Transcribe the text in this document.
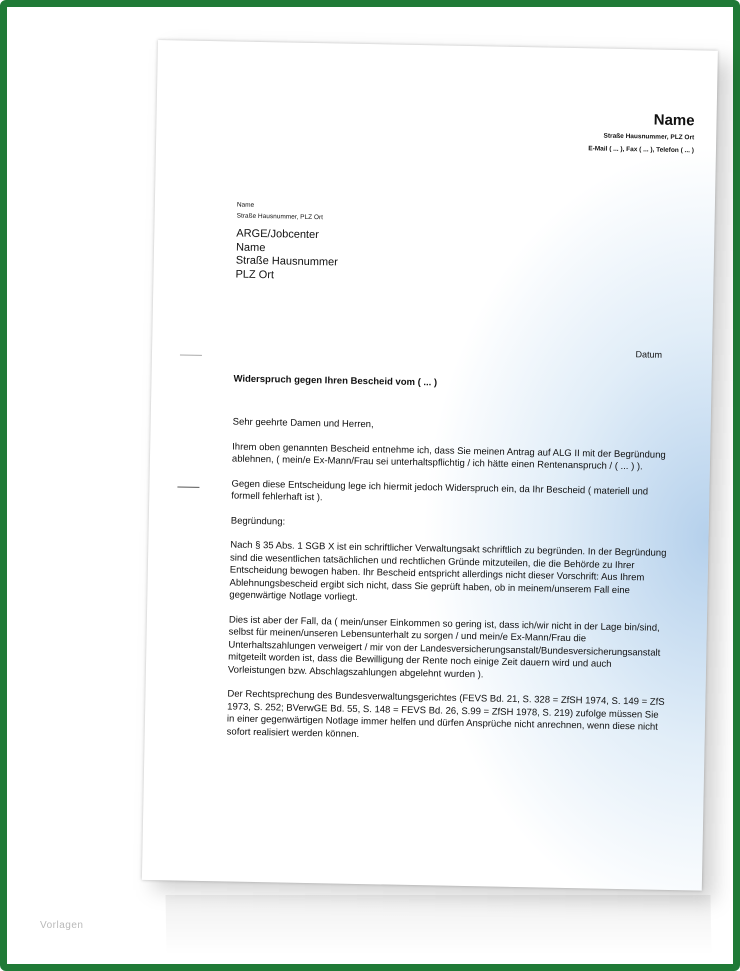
Name
Straße Hausnummer, PLZ Ort
E-Mail ( ... ), Fax ( ... ), Telefon ( ... )
Name
Straße Hausnummer, PLZ Ort
ARGE/Jobcenter
Name
Straße Hausnummer
PLZ Ort
Datum
Widerspruch gegen Ihren Bescheid vom ( ... )

Sehr geehrte Damen und Herren,

Ihrem oben genannten Bescheid entnehme ich, dass Sie meinen Antrag auf ALG II mit der Begründung ablehnen, ( mein/e Ex-Mann/Frau sei unterhaltspflichtig / ich hätte einen Rentenanspruch / ( ... ) ).

Gegen diese Entscheidung lege ich hiermit jedoch Widerspruch ein, da Ihr Bescheid ( materiell und formell fehlerhaft ist ).

Begründung:

Nach § 35 Abs. 1 SGB X ist ein schriftlicher Verwaltungsakt schriftlich zu begründen. In der Begründung sind die wesentlichen tatsächlichen und rechtlichen Gründe mitzuteilen, die die Behörde zu Ihrer Entscheidung bewogen haben. Ihr Bescheid entspricht allerdings nicht dieser Vorschrift: Aus Ihrem Ablehnungsbescheid ergibt sich nicht, dass Sie geprüft haben, ob in meinem/unserem Fall eine gegenwärtige Notlage vorliegt.

Dies ist aber der Fall, da ( mein/unser Einkommen so gering ist, dass ich/wir nicht in der Lage bin/sind, selbst für meinen/unseren Lebensunterhalt zu sorgen / und mein/e Ex-Mann/Frau die Unterhaltszahlungen verweigert / mir von der Landesversicherungsanstalt/Bundesversicherungsanstalt mitgeteilt worden ist, dass die Bewilligung der Rente noch einige Zeit dauern wird und auch Vorleistungen bzw. Abschlagszahlungen abgelehnt wurden ).

Der Rechtsprechung des Bundesverwaltungsgerichtes (FEVS Bd. 21, S. 328 = ZfSH 1974, S. 149 = ZfS 1973, S. 252; BVerwGE Bd. 55, S. 148 = FEVS Bd. 26, S.99 = ZfSH 1978, S. 219) zufolge müssen Sie in einer gegenwärtigen Notlage immer helfen und dürfen Ansprüche nicht anrechnen, wenn diese nicht sofort realisiert werden können.

Vorlagen
